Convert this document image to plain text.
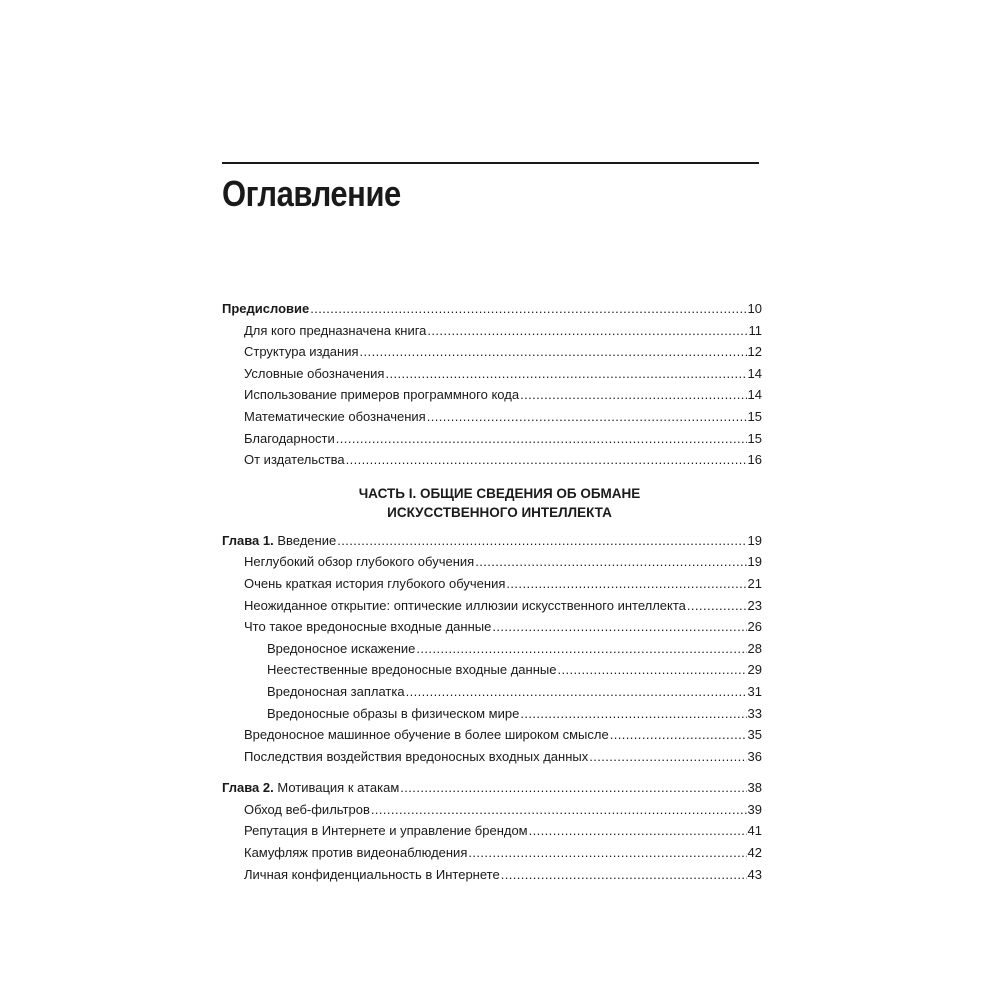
Оглавление
Предисловие .....	10
Для кого предназначена книга .....	11
Структура издания .....	12
Условные обозначения .....	14
Использование примеров программного кода .....	14
Математические обозначения .....	15
Благодарности .....	15
От издательства .....	16
ЧАСТЬ I. ОБЩИЕ СВЕДЕНИЯ ОБ ОБМАНЕ
ИСКУССТВЕННОГО ИНТЕЛЛЕКТА
Глава 1. Введение .....	19
Неглубокий обзор глубокого обучения .....	19
Очень краткая история глубокого обучения .....	21
Неожиданное открытие: оптические иллюзии искусственного интеллекта .....	23
Что такое вредоносные входные данные .....	26
Вредоносное искажение .....	28
Неестественные вредоносные входные данные .....	29
Вредоносная заплатка .....	31
Вредоносные образы в физическом мире .....	33
Вредоносное машинное обучение в более широком смысле .....	35
Последствия воздействия вредоносных входных данных .....	36
Глава 2. Мотивация к атакам .....	38
Обход веб-фильтров .....	39
Репутация в Интернете и управление брендом .....	41
Камуфляж против видеонаблюдения .....	42
Личная конфиденциальность в Интернете .....	43
